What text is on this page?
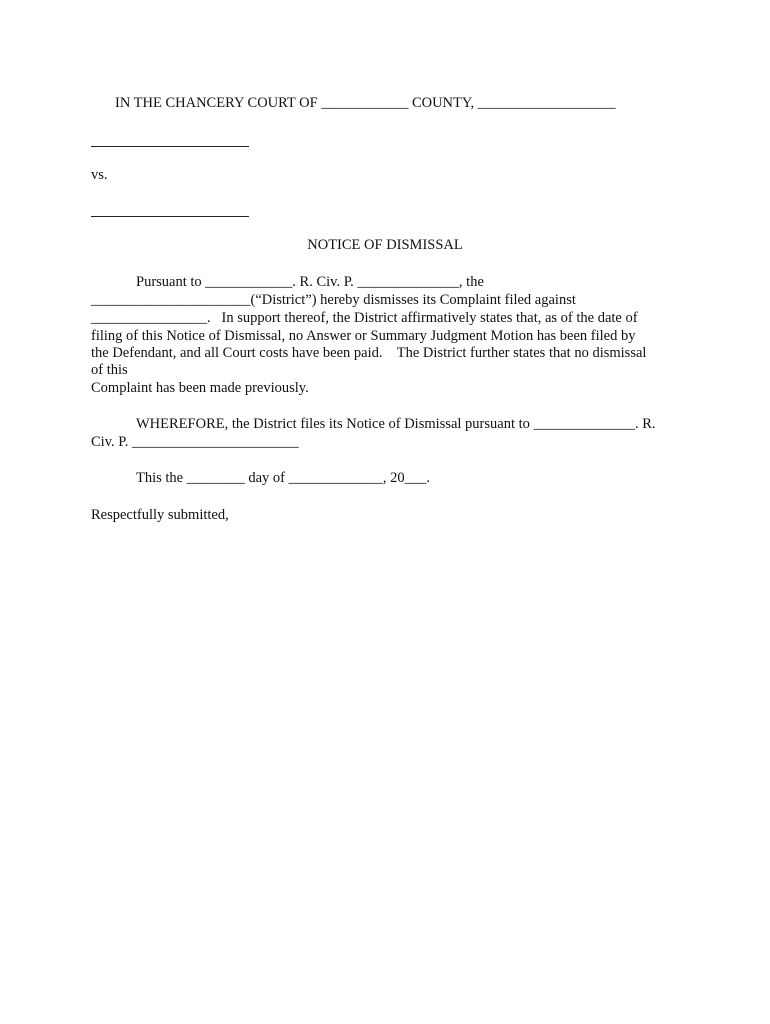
IN THE CHANCERY COURT OF ____________ COUNTY, ___________________

vs.

NOTICE OF DISMISSAL

Pursuant to ____________. R. Civ. P. ______________, the

______________________(“District”) hereby dismisses its Complaint filed against

________________.   In support thereof, the District affirmatively states that, as of the date of

filing of this Notice of Dismissal, no Answer or Summary Judgment Motion has been filed by

the Defendant, and all Court costs have been paid.    The District further states that no dismissal

of this

Complaint has been made previously.

WHEREFORE, the District files its Notice of Dismissal pursuant to ______________. R.

Civ. P. _______________________

This the ________ day of _____________, 20___.

Respectfully submitted,
